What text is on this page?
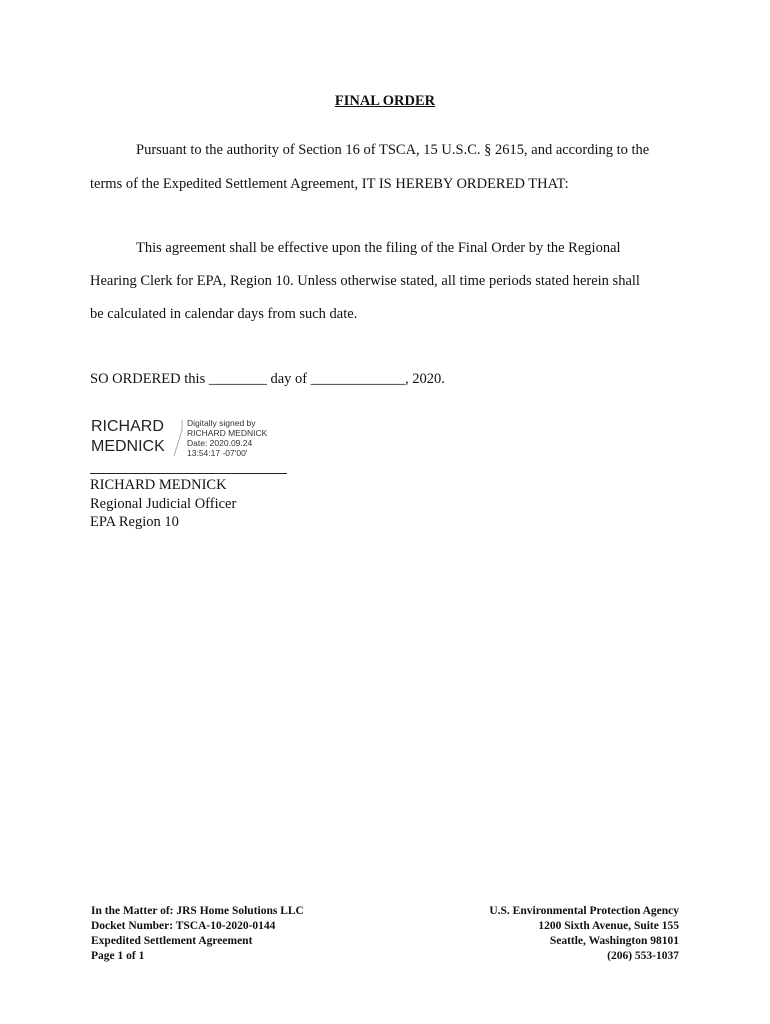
FINAL ORDER
Pursuant to the authority of Section 16 of TSCA, 15 U.S.C. § 2615, and according to the
terms of the Expedited Settlement Agreement, IT IS HEREBY ORDERED THAT:
This agreement shall be effective upon the filing of the Final Order by the Regional
Hearing Clerk for EPA, Region 10. Unless otherwise stated, all time periods stated herein shall
be calculated in calendar days from such date.
SO ORDERED this ________ day of _____________, 2020.
RICHARD
MEDNICK
Digitally signed by
RICHARD MEDNICK
Date: 2020.09.24
13:54:17 -07'00'
RICHARD MEDNICK
Regional Judicial Officer
EPA Region 10
In the Matter of: JRS Home Solutions LLC
Docket Number: TSCA-10-2020-0144
Expedited Settlement Agreement
Page 1 of 1
U.S. Environmental Protection Agency
1200 Sixth Avenue, Suite 155
Seattle, Washington 98101
(206) 553-1037
